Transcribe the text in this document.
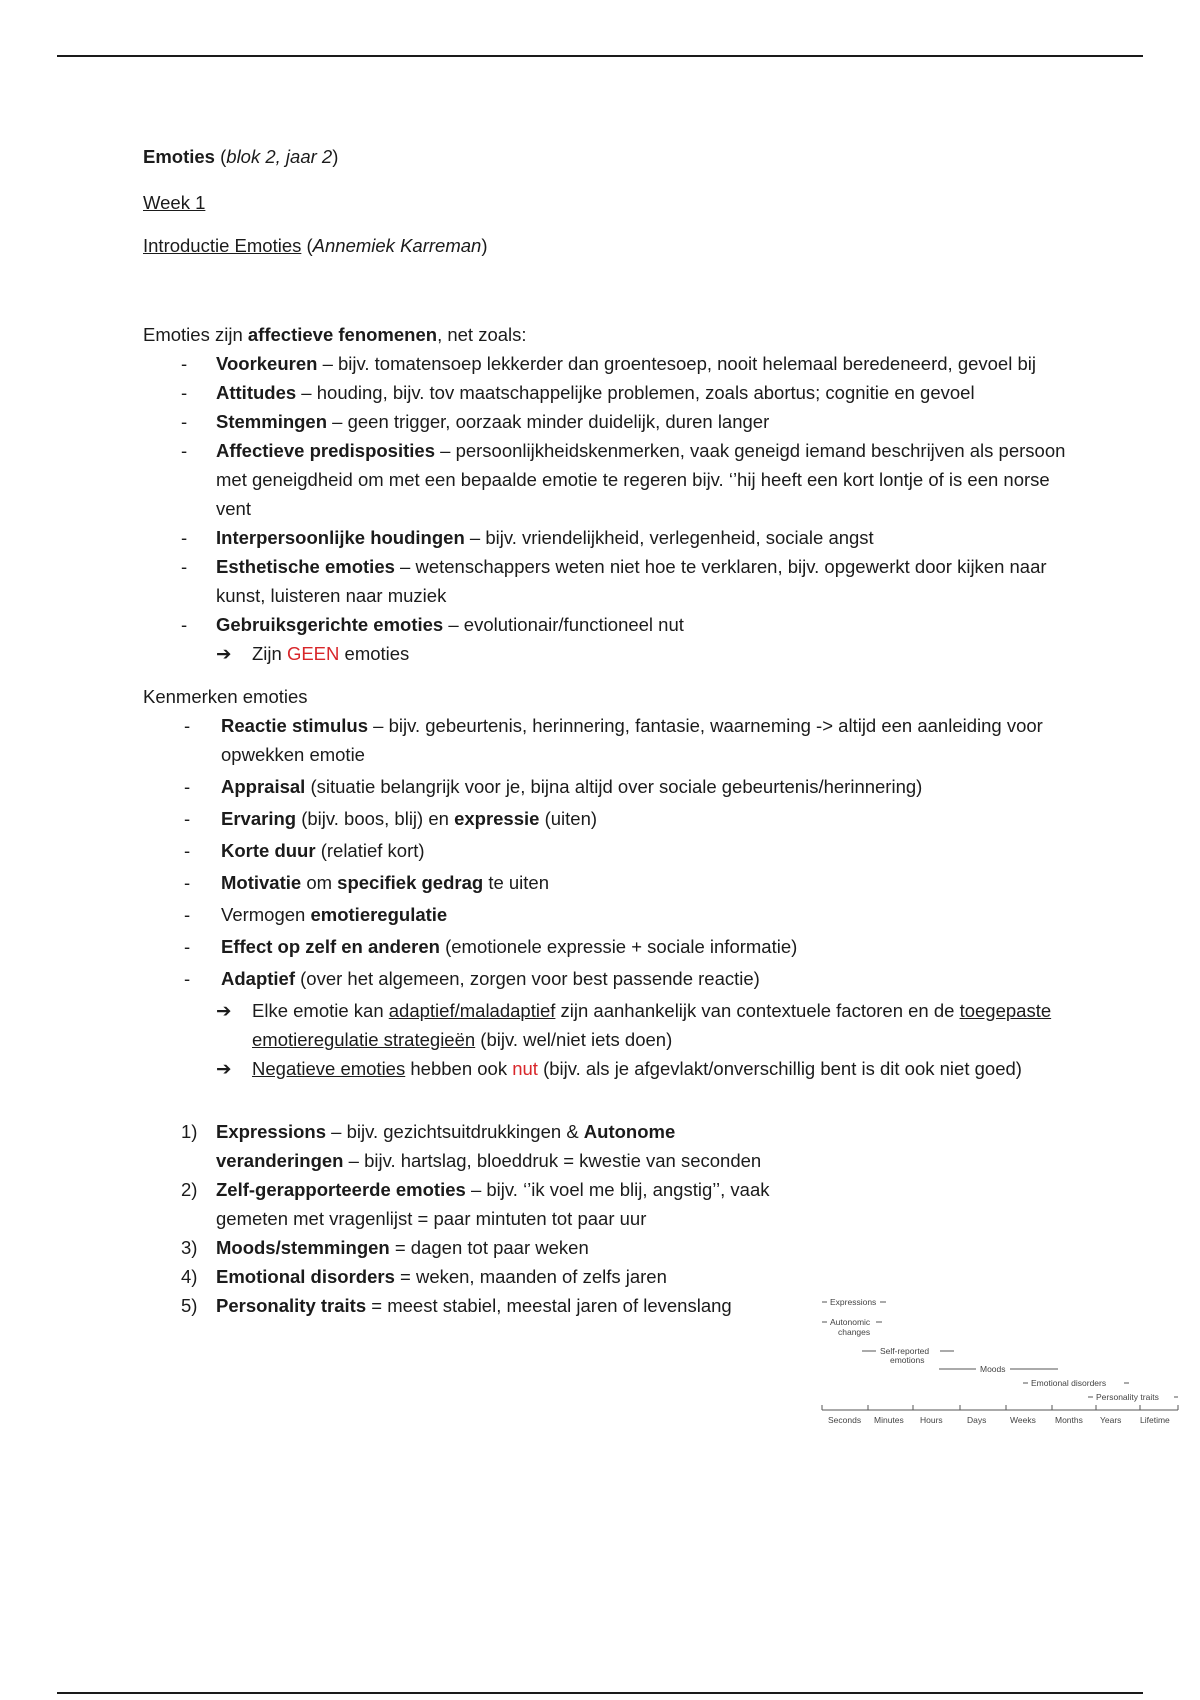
Emoties (blok 2, jaar 2)

Week 1

Introductie Emoties (Annemiek Karreman)

Emoties zijn affectieve fenomenen, net zoals:

- Voorkeuren – bijv. tomatensoep lekkerder dan groentesoep, nooit helemaal beredeneerd, gevoel bij
- Attitudes – houding, bijv. tov maatschappelijke problemen, zoals abortus; cognitie en gevoel
- Stemmingen – geen trigger, oorzaak minder duidelijk, duren langer
- Affectieve predisposities – persoonlijkheidskenmerken, vaak geneigd iemand beschrijven als persoon met geneigdheid om met een bepaalde emotie te regeren bijv. ‘’hij heeft een kort lontje of is een norse vent
- Interpersoonlijke houdingen – bijv. vriendelijkheid, verlegenheid, sociale angst
- Esthetische emoties – wetenschappers weten niet hoe te verklaren, bijv. opgewerkt door kijken naar kunst, luisteren naar muziek
- Gebruiksgerichte emoties – evolutionair/functioneel nut
➔ Zijn GEEN emoties

Kenmerken emoties

- Reactie stimulus – bijv. gebeurtenis, herinnering, fantasie, waarneming -> altijd een aanleiding voor opwekken emotie
- Appraisal (situatie belangrijk voor je, bijna altijd over sociale gebeurtenis/herinnering)
- Ervaring (bijv. boos, blij) en expressie (uiten)
- Korte duur (relatief kort)
- Motivatie om specifiek gedrag te uiten
- Vermogen emotieregulatie
- Effect op zelf en anderen (emotionele expressie + sociale informatie)
- Adaptief (over het algemeen, zorgen voor best passende reactie)
➔ Elke emotie kan adaptief/maladaptief zijn aanhankelijk van contextuele factoren en de toegepaste emotieregulatie strategieën (bijv. wel/niet iets doen)
➔ Negatieve emoties hebben ook nut (bijv. als je afgevlakt/onverschillig bent is dit ook niet goed)
1) Expressions – bijv. gezichtsuitdrukkingen & Autonome veranderingen – bijv. hartslag, bloeddruk = kwestie van seconden
2) Zelf-gerapporteerde emoties – bijv. ‘’ik voel me blij, angstig’’, vaak gemeten met vragenlijst = paar mintuten tot paar uur
3) Moods/stemmingen = dagen tot paar weken
4) Emotional disorders = weken, maanden of zelfs jaren
5) Personality traits = meest stabiel, meestal jaren of levenslang	Expressions
Autonomic
changes
Self-reported
emotions
Moods
Emotional disorders
Personality traits
Seconds Minutes Hours	Days	Weeks Months Years Lifetime
